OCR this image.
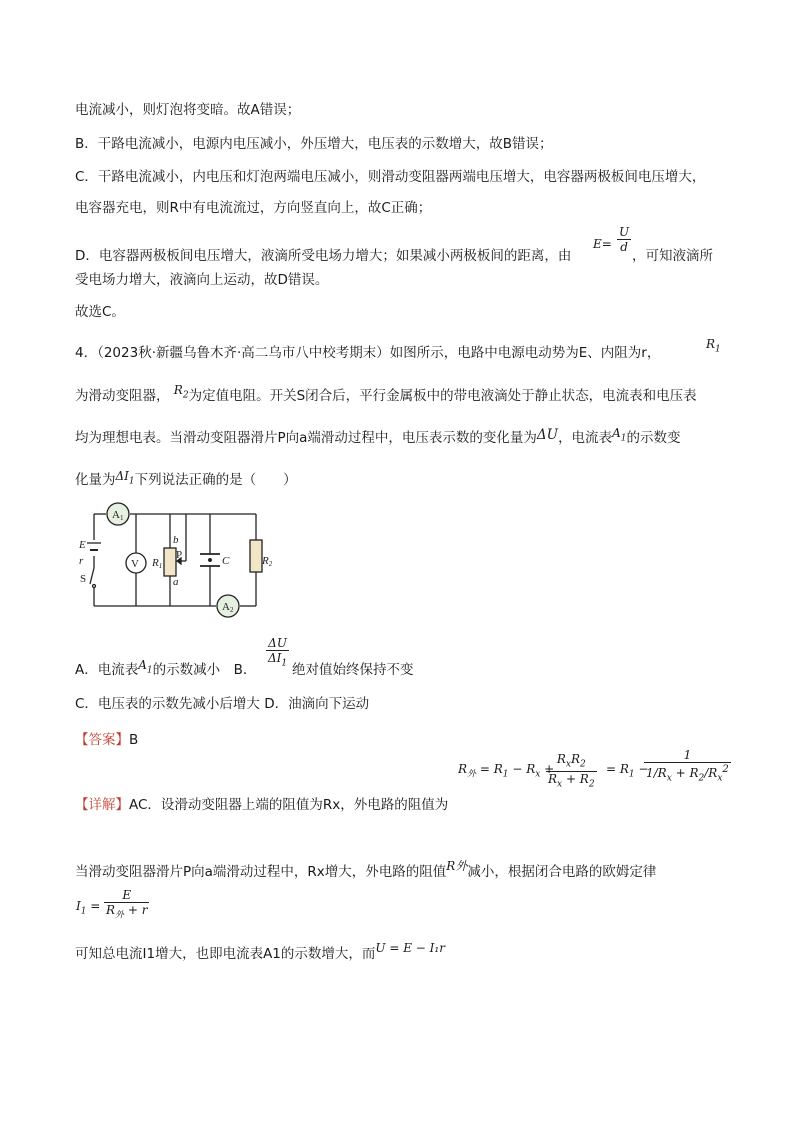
电流减小，则灯泡将变暗。故A错误；
B．干路电流减小，电源内电压减小，外压增大，电压表的示数增大，故B错误；
C．干路电流减小，内电压和灯泡两端电压减小，则滑动变阻器两端电压增大，电容器两极板间电压增大，
电容器充电，则R中有电流流过，方向竖直向上，故C正确；
D．电容器两极板间电压增大，液滴所受电场力增大；如果减小两极板间的距离，由
$E= \frac{U}{d}$
，可知液滴所
受电场力增大，液滴向上运动，故D错误。
故选C。
4．（2023秋·新疆乌鲁木齐·高二乌市八中校考期末）如图所示，电路中电源电动势为E、内阻为r，
$R_1$
为滑动变阻器， $R_2$为定值电阻。开关S闭合后，平行金属板中的带电液滴处于静止状态，电流表和电压表
均为理想电表。当滑动变阻器滑片P向a端滑动过程中，电压表示数的变化量为ΔU，电流表$A_1$的示数变
化量为$\Delta I_1$下列说法正确的是（　　）
A1
V
A2
E
r
S
b
a
P
R1	C	R2
A．电流表$A_1$的示数减小　B． $\frac{\Delta U}{\Delta I_1}$ 绝对值始终保持不变
C．电压表的示数先减小后增大 D．油滴向下运动
【答案】B
$R_外 = R_1 - R_x$ +
$R_xR_2$
$R_x + R_2$
= $R_1$ −
$\frac{1}{1/R_x + R_2/R_x^2}$
【详解】AC．设滑动变阻器上端的阻值为Rx，外电路的阻值为
当滑动变阻器滑片P向a端滑动过程中，Rx增大，外电路的阻值R外减小，根据闭合电路的欧姆定律
$I_1$ =
E
$R_外 + r$
可知总电流I1增大，也即电流表A1的示数增大，而U = E − I₁r
